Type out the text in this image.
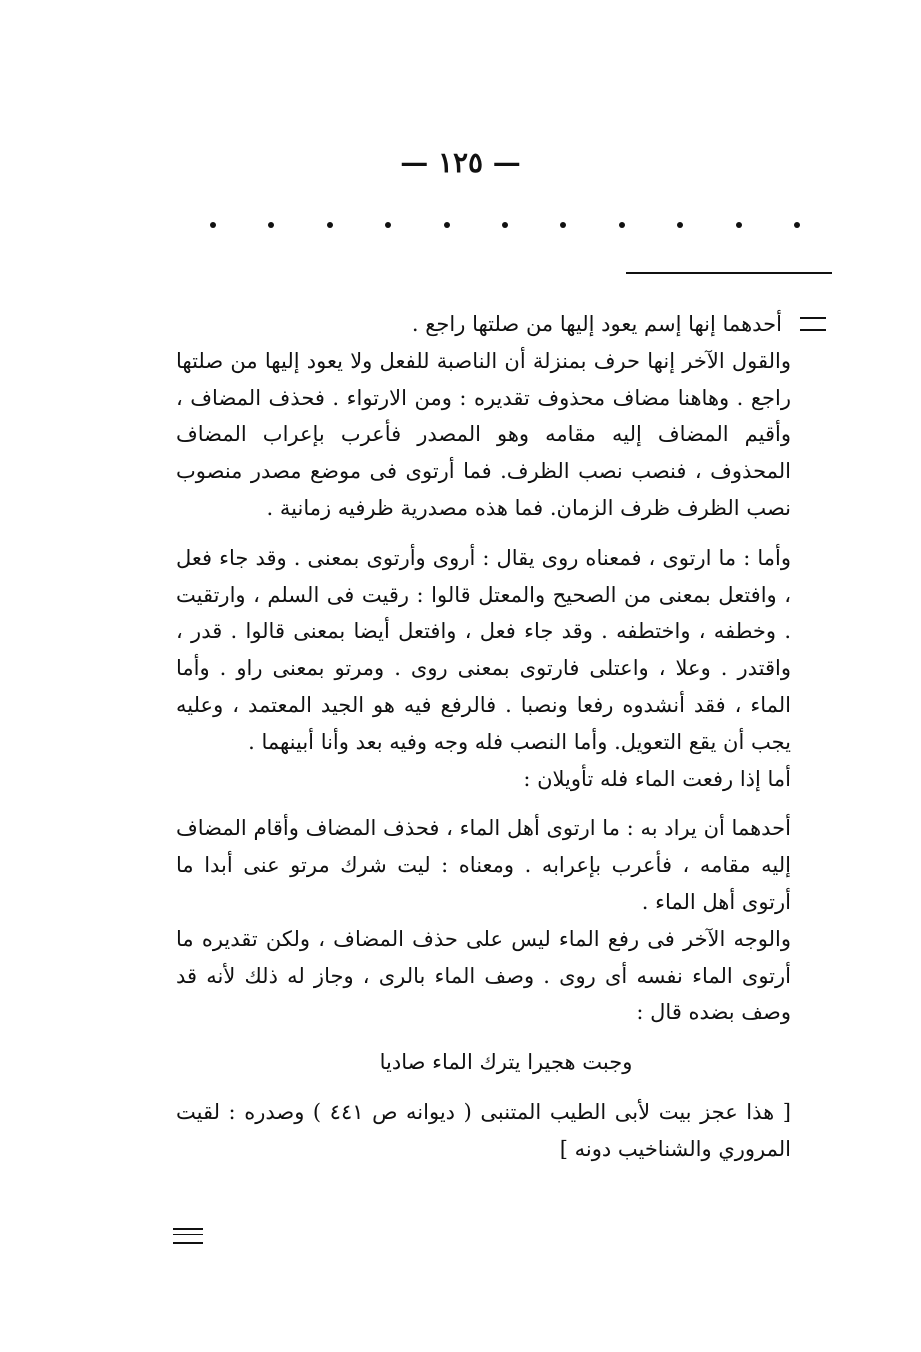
— ١٢٥ —

أحدهما إنها إسم يعود إليها من صلتها راجع .

والقول الآخر إنها حرف بمنزلة أن الناصبة للفعل ولا يعود إليها من صلتها راجع . وهاهنا مضاف محذوف تقديره : ومن الارتواء . فحذف المضاف ، وأقيم المضاف إليه مقامه وهو المصدر فأعرب بإعراب المضاف المحذوف ، فنصب نصب الظرف. فما أرتوى فى موضع مصدر منصوب نصب الظرف ظرف الزمان. فما هذه مصدرية ظرفيه زمانية .

وأما : ما ارتوى ، فمعناه روى يقال : أروى وأرتوى بمعنى . وقد جاء فعل ، وافتعل بمعنى من الصحيح والمعتل قالوا : رقيت فى السلم ، وارتقيت . وخطفه ، واختطفه . وقد جاء فعل ، وافتعل أيضا بمعنى قالوا . قدر ، واقتدر . وعلا ، واعتلى فارتوى بمعنى روى . ومرتو بمعنى راو . وأما الماء ، فقد أنشدوه رفعا ونصبا . فالرفع فيه هو الجيد المعتمد ، وعليه يجب أن يقع التعويل. وأما النصب فله وجه وفيه بعد وأنا أبينهما .

أما إذا رفعت الماء فله تأويلان :

أحدهما أن يراد به : ما ارتوى أهل الماء ، فحذف المضاف وأقام المضاف إليه مقامه ، فأعرب بإعرابه . ومعناه : ليت شرك مرتو عنى أبدا ما أرتوى أهل الماء .

والوجه الآخر فى رفع الماء ليس على حذف المضاف ، ولكن تقديره ما أرتوى الماء نفسه أى روى . وصف الماء بالرى ، وجاز له ذلك لأنه قد وصف بضده قال :

وجبت هجيرا يترك الماء صاديا

[ هذا عجز بيت لأبى الطيب المتنبى ( ديوانه ص ٤٤١ ) وصدره : لقيت المروري والشناخيب دونه ]
